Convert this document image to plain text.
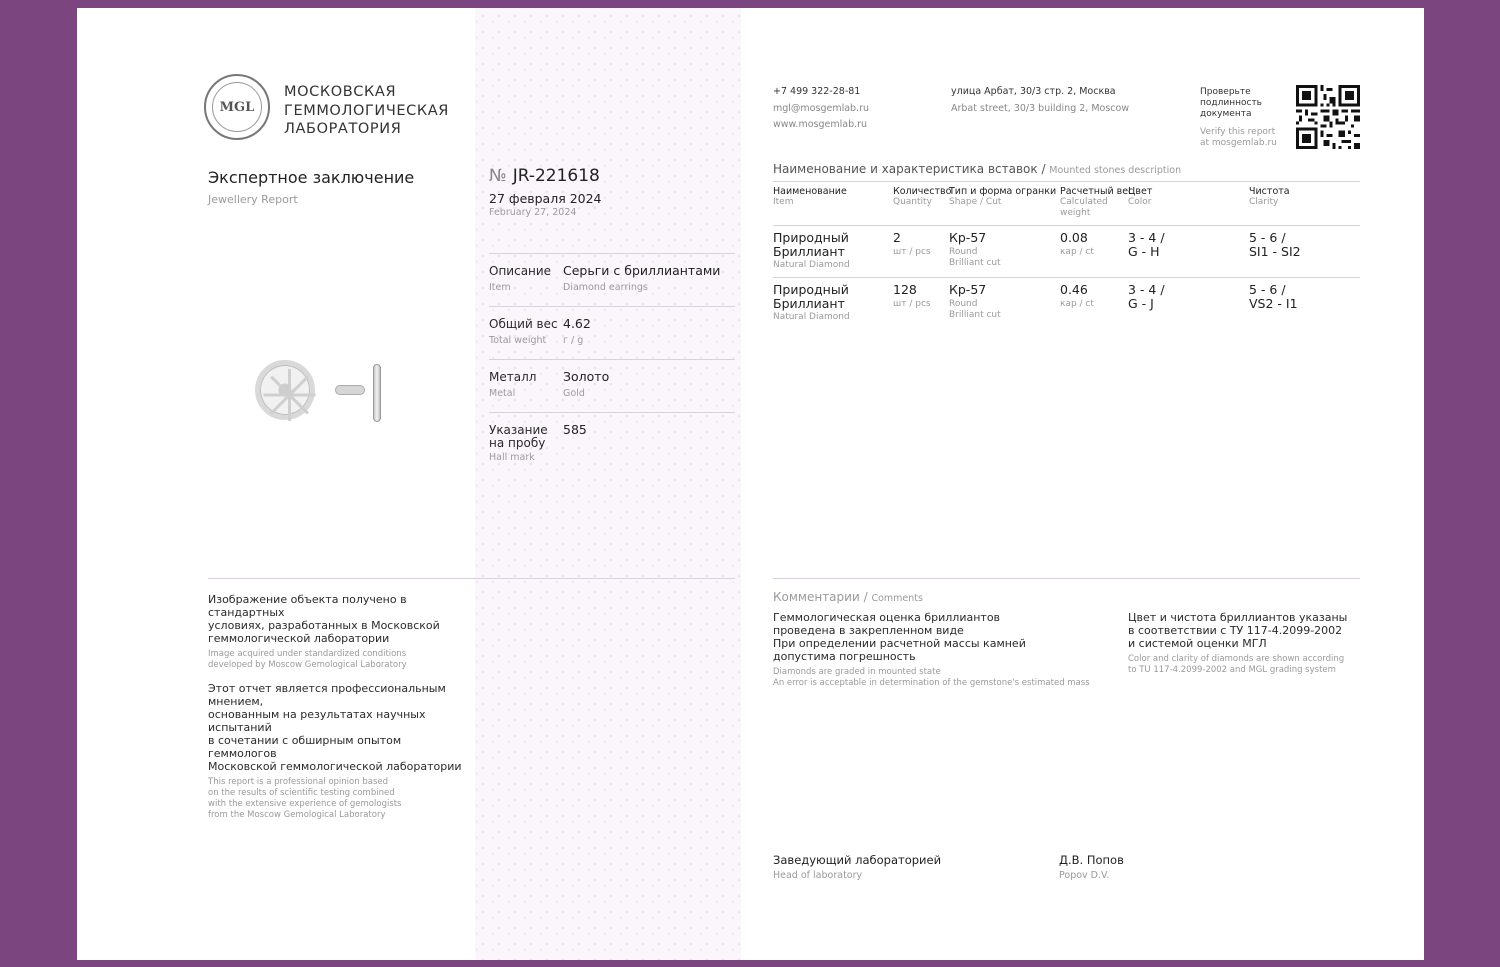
MGL
МОСКОВСКАЯ
ГЕММОЛОГИЧЕСКАЯ
ЛАБОРАТОРИЯ
Экспертное заключение
Jewellery Report
№ JR-221618
27 февраля 2024
February 27, 2024
Описание
Item
Серьги с бриллиантами
Diamond earrings
Общий вес
Total weight
4.62
г / g
Металл
Metal
Золото
Gold
Указание
на пробу
Hall mark
585
+7 499 322-28-81
mgl@mosgemlab.ru
www.mosgemlab.ru
улица Арбат, 30/3 стр. 2, Москва
Arbat street, 30/3 building 2, Moscow
Проверьте
подлинность
документа
Verify this report
at mosgemlab.ru
Наименование и характеристика вставок / Mounted stones description
Наименование
Item
Количество
Quantity
Тип и форма огранки
Shape / Cut
Расчетный вес
Calculated
weight
Цвет
Color
Чистота
Clarity
Природный
Бриллиант
Natural Diamond
2
шт / pcs
Кр-57
Round
Brilliant cut
0.08
кар / ct
3 - 4 /
G - H
5 - 6 /
SI1 - SI2
Природный
Бриллиант
Natural Diamond
128
шт / pcs
Кр-57
Round
Brilliant cut
0.46
кар / ct
3 - 4 /
G - J
5 - 6 /
VS2 - I1
Изображение объекта получено в стандартных
условиях, разработанных в Московской
геммологической лаборатории
Image acquired under standardized conditions
developed by Moscow Gemological Laboratory
Этот отчет является профессиональным мнением,
основанным на результатах научных испытаний
в сочетании с обширным опытом геммологов
Московской геммологической лаборатории
This report is a professional opinion based
on the results of scientific testing combined
with the extensive experience of gemologists
from the Moscow Gemological Laboratory
Комментарии / Comments
Геммологическая оценка бриллиантов
проведена в закрепленном виде
При определении расчетной массы камней
допустима погрешность
Diamonds are graded in mounted state
An error is acceptable in determination of the gemstone's estimated mass
Цвет и чистота бриллиантов указаны
в соответствии с ТУ 117-4.2099-2002
и системой оценки МГЛ
Color and clarity of diamonds are shown according
to TU 117-4.2099-2002 and MGL grading system
Заведующий лабораторией
Head of laboratory
Д.В. Попов
Popov D.V.
